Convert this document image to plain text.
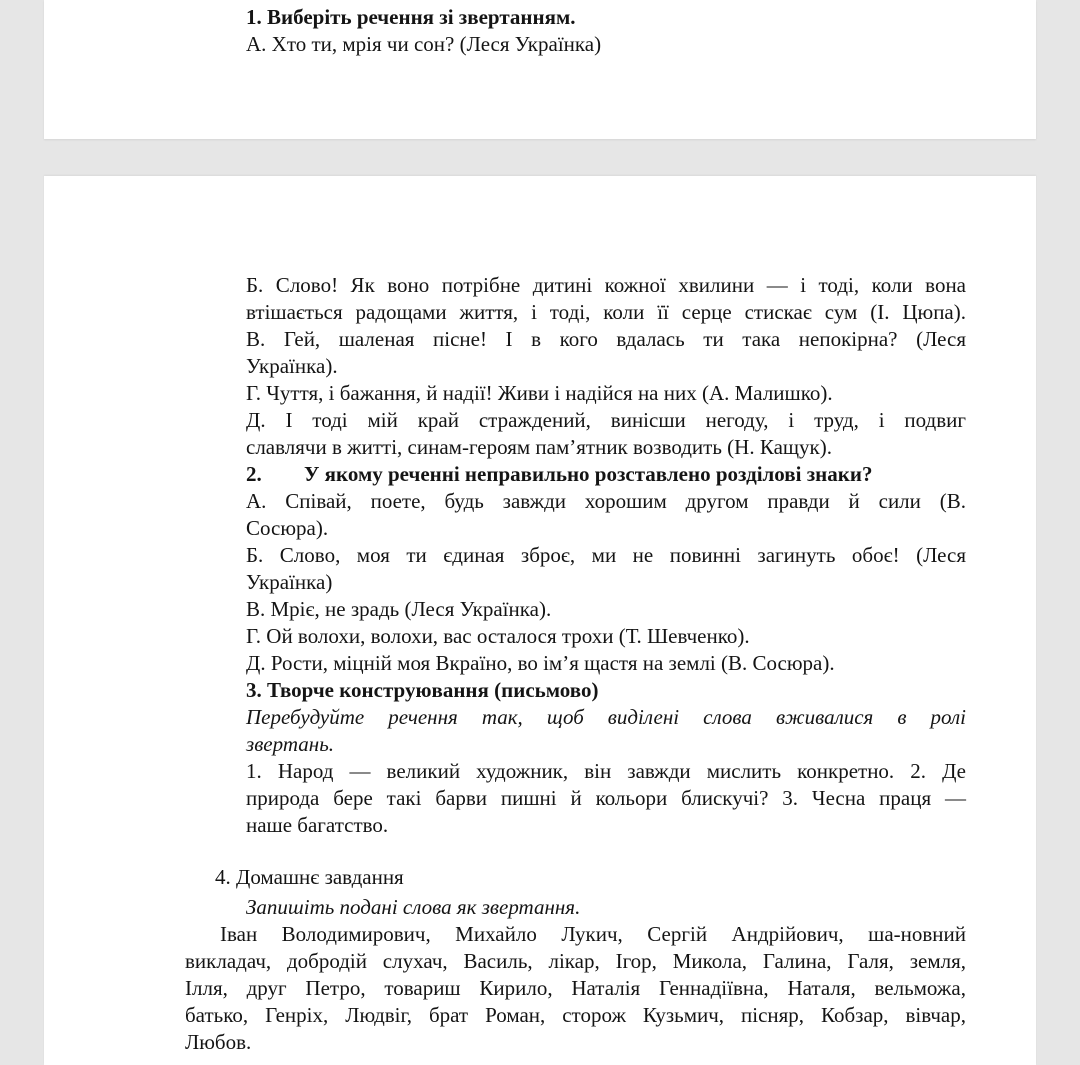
1. Виберіть речення зі звертанням.
А. Хто ти, мрія чи сон? (Леся Українка)
Б. Слово! Як воно потрібне дитині кожної хвилини — і тоді, коли вона
втішається радощами життя, і тоді, коли її серце стискає сум (І. Цюпа).
В. Гей, шаленая пісне! І в кого вдалась ти така непокірна? (Леся
Українка).
Г. Чуття, і бажання, й надії! Живи і надійся на них (А. Малишко).
Д. І тоді мій край страждений, винісши негоду, і труд, і подвиг
славлячи в житті, синам-героям пам’ятник возводить (Н. Кащук).
2. У якому реченні неправильно розставлено розділові знаки?
А. Співай, поете, будь завжди хорошим другом правди й сили (В.
Сосюра).
Б. Слово, моя ти єдиная зброє, ми не повинні загинуть обоє! (Леся
Українка)
В. Мріє, не зрадь (Леся Українка).
Г. Ой волохи, волохи, вас осталося трохи (Т. Шевченко).
Д. Рости, міцній моя Вкраїно, во ім’я щастя на землі (В. Сосюра).
3. Творче конструювання (письмово)
Перебудуйте речення так, щоб виділені слова вживалися в ролі
звертань.
1. Народ — великий художник, він завжди мислить конкретно. 2. Де
природа бере такі барви пишні й кольори блискучі? 3. Чесна праця —
наше багатство.
4. Домашнє завдання
Запишіть подані слова як звертання.
Іван Володимирович, Михайло Лукич, Сергій Андрійович, ша-новний
викладач, добродій слухач, Василь, лікар, Ігор, Микола, Галина, Галя, земля,
Ілля, друг Петро, товариш Кирило, Наталія Геннадіївна, Наталя, вельможа,
батько, Генріх, Людвіг, брат Роман, сторож Кузьмич, пісняр, Кобзар, вівчар,
Любов.
